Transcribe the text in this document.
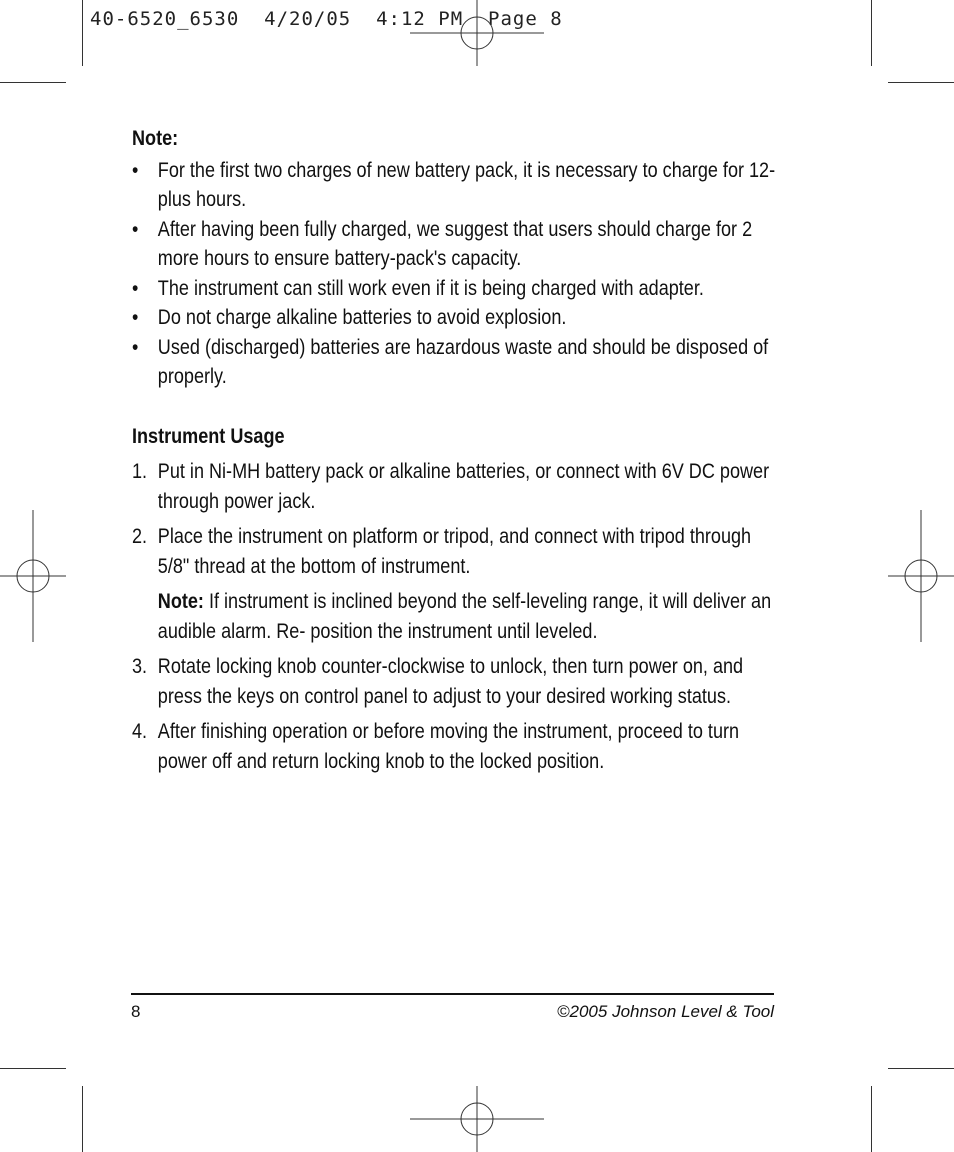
40-6520_6530  4/20/05  4:12 PM  Page 8

Note:

• For the first two charges of new battery pack, it is necessary to charge for 12-plus hours.
• After having been fully charged, we suggest that users should charge for 2 more hours to ensure battery-pack's capacity.
• The instrument can still work even if it is being charged with adapter.
• Do not charge alkaline batteries to avoid explosion.
• Used (discharged) batteries are hazardous waste and should be disposed of properly.

Instrument Usage

1. Put in Ni-MH battery pack or alkaline batteries, or connect with 6V DC power through power jack.
2. Place the instrument on platform or tripod, and connect with tripod through 5/8" thread at the bottom of instrument.
Note: If instrument is inclined beyond the self-leveling range, it will deliver an audible alarm. Re- position the instrument until leveled.
3. Rotate locking knob counter-clockwise to unlock, then turn power on, and press the keys on control panel to adjust to your desired working status.
4. After finishing operation or before moving the instrument, proceed to turn power off and return locking knob to the locked position.
8	©2005 Johnson Level & Tool
